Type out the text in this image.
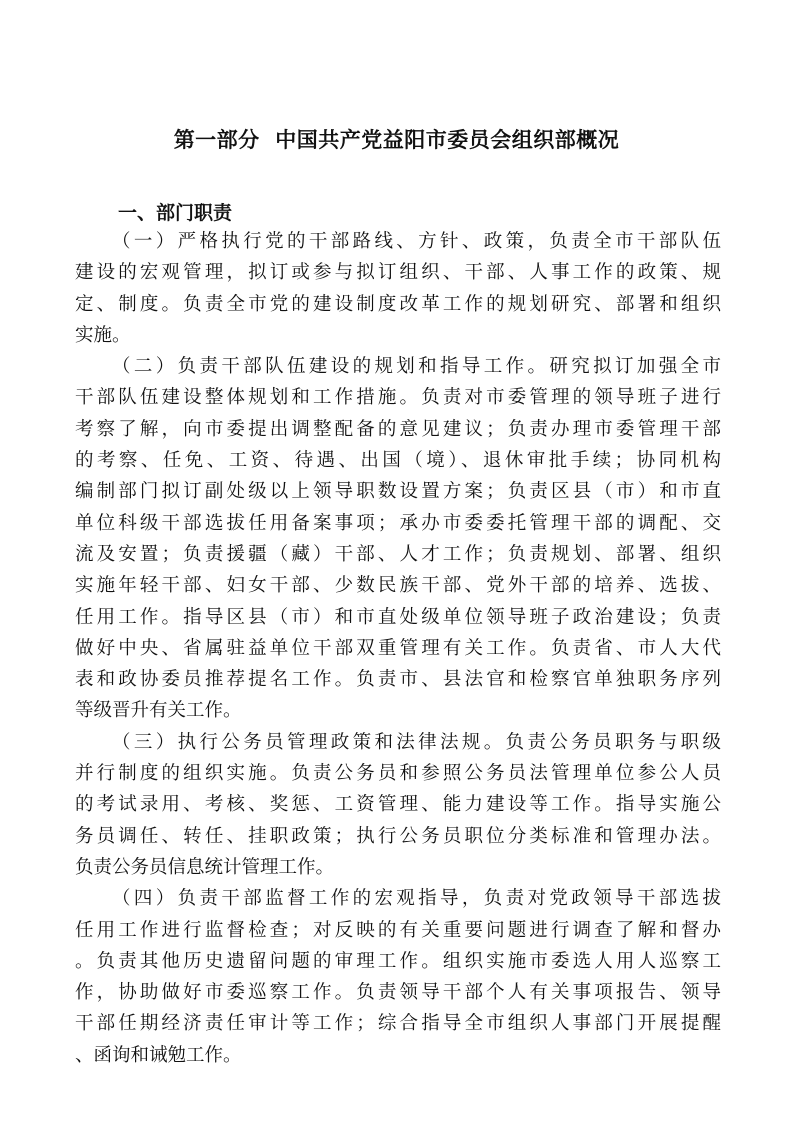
第一部分  中国共产党益阳市委员会组织部概况
一、部门职责
（一）严格执行党的干部路线、方针、政策，负责全市干部队伍
建设的宏观管理，拟订或参与拟订组织、干部、人事工作的政策、规
定、制度。负责全市党的建设制度改革工作的规划研究、部署和组织
实施。
（二）负责干部队伍建设的规划和指导工作。研究拟订加强全市
干部队伍建设整体规划和工作措施。负责对市委管理的领导班子进行
考察了解，向市委提出调整配备的意见建议；负责办理市委管理干部
的考察、任免、工资、待遇、出国（境）、退休审批手续；协同机构
编制部门拟订副处级以上领导职数设置方案；负责区县（市）和市直
单位科级干部选拔任用备案事项；承办市委委托管理干部的调配、交
流及安置；负责援疆（藏）干部、人才工作；负责规划、部署、组织
实施年轻干部、妇女干部、少数民族干部、党外干部的培养、选拔、
任用工作。指导区县（市）和市直处级单位领导班子政治建设；负责
做好中央、省属驻益单位干部双重管理有关工作。负责省、市人大代
表和政协委员推荐提名工作。负责市、县法官和检察官单独职务序列
等级晋升有关工作。
（三）执行公务员管理政策和法律法规。负责公务员职务与职级
并行制度的组织实施。负责公务员和参照公务员法管理单位参公人员
的考试录用、考核、奖惩、工资管理、能力建设等工作。指导实施公
务员调任、转任、挂职政策；执行公务员职位分类标准和管理办法。
负责公务员信息统计管理工作。
（四）负责干部监督工作的宏观指导，负责对党政领导干部选拔
任用工作进行监督检查；对反映的有关重要问题进行调查了解和督办
。负责其他历史遗留问题的审理工作。组织实施市委选人用人巡察工
作，协助做好市委巡察工作。负责领导干部个人有关事项报告、领导
干部任期经济责任审计等工作；综合指导全市组织人事部门开展提醒
、函询和诫勉工作。
